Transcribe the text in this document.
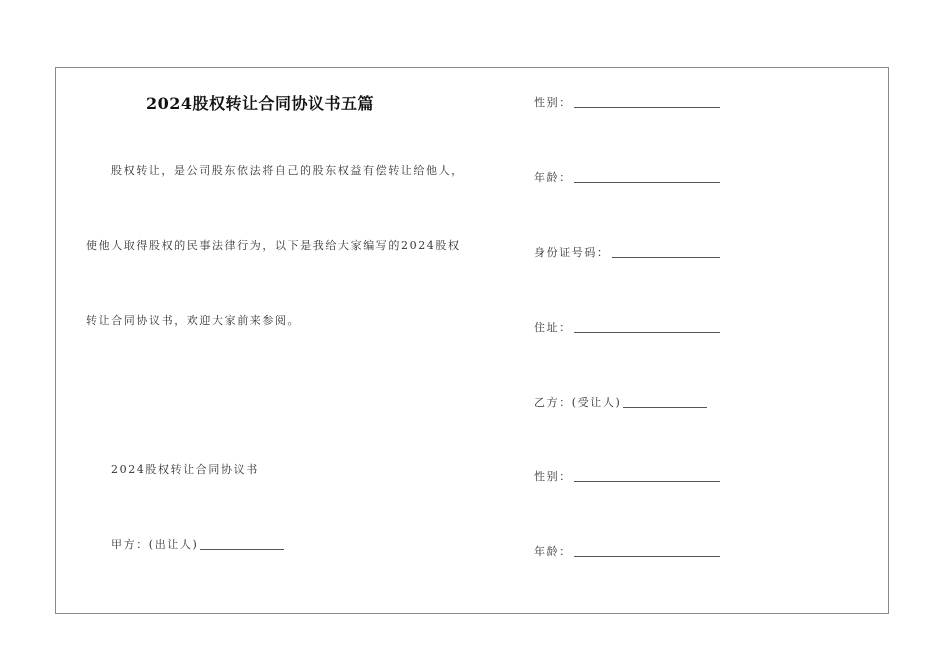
2024股权转让合同协议书五篇
股权转让，是公司股东依法将自己的股东权益有偿转让给他人，
使他人取得股权的民事法律行为，以下是我给大家编写的2024股权
转让合同协议书，欢迎大家前来参阅。
2024股权转让合同协议书
甲方：(出让人)
性别：
年龄：
身份证号码：
住址：
乙方：(受让人)
性别：
年龄：
